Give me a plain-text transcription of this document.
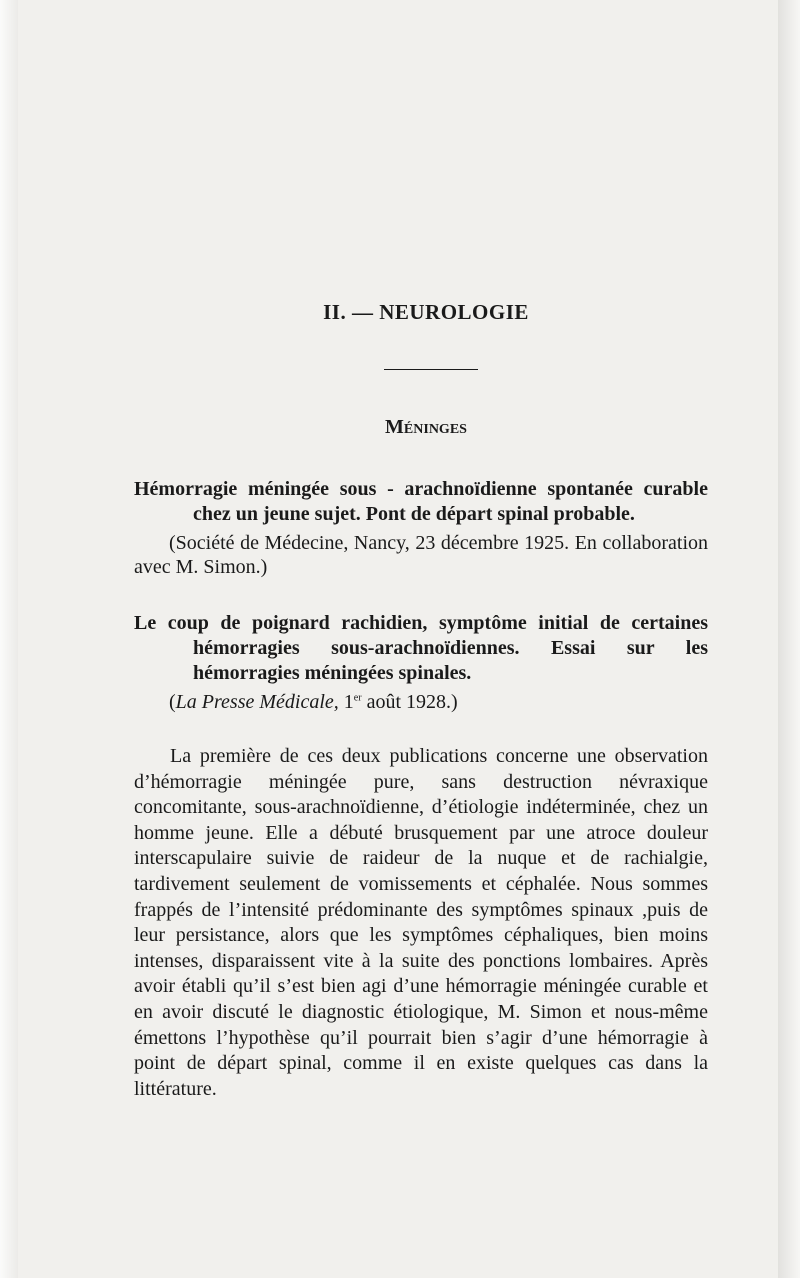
II. — NEUROLOGIE
Méninges

Hémorragie méningée sous - arachnoïdienne spontanée curable chez un jeune sujet. Pont de départ spinal probable.

(Société de Médecine, Nancy, 23 décembre 1925. En collaboration avec M. Simon.)

Le coup de poignard rachidien, symptôme initial de certaines hémorragies sous-arachnoïdiennes. Essai sur les hémorragies méningées spinales.

(La Presse Médicale, 1er août 1928.)

La première de ces deux publications concerne une observation d’hémorragie méningée pure, sans destruction névraxique concomitante, sous-arachnoïdienne, d’étiologie indéterminée, chez un homme jeune. Elle a débuté brusquement par une atroce douleur interscapulaire suivie de raideur de la nuque et de rachialgie, tardivement seulement de vomissements et céphalée. Nous sommes frappés de l’intensité prédominante des symptômes spinaux ,puis de leur persistance, alors que les symptômes céphaliques, bien moins intenses, disparaissent vite à la suite des ponctions lombaires. Après avoir établi qu’il s’est bien agi d’une hémorragie méningée curable et en avoir discuté le diagnostic étiologique, M. Simon et nous-même émettons l’hypothèse qu’il pourrait bien s’agir d’une hémorragie à point de départ spinal, comme il en existe quelques cas dans la littérature.
